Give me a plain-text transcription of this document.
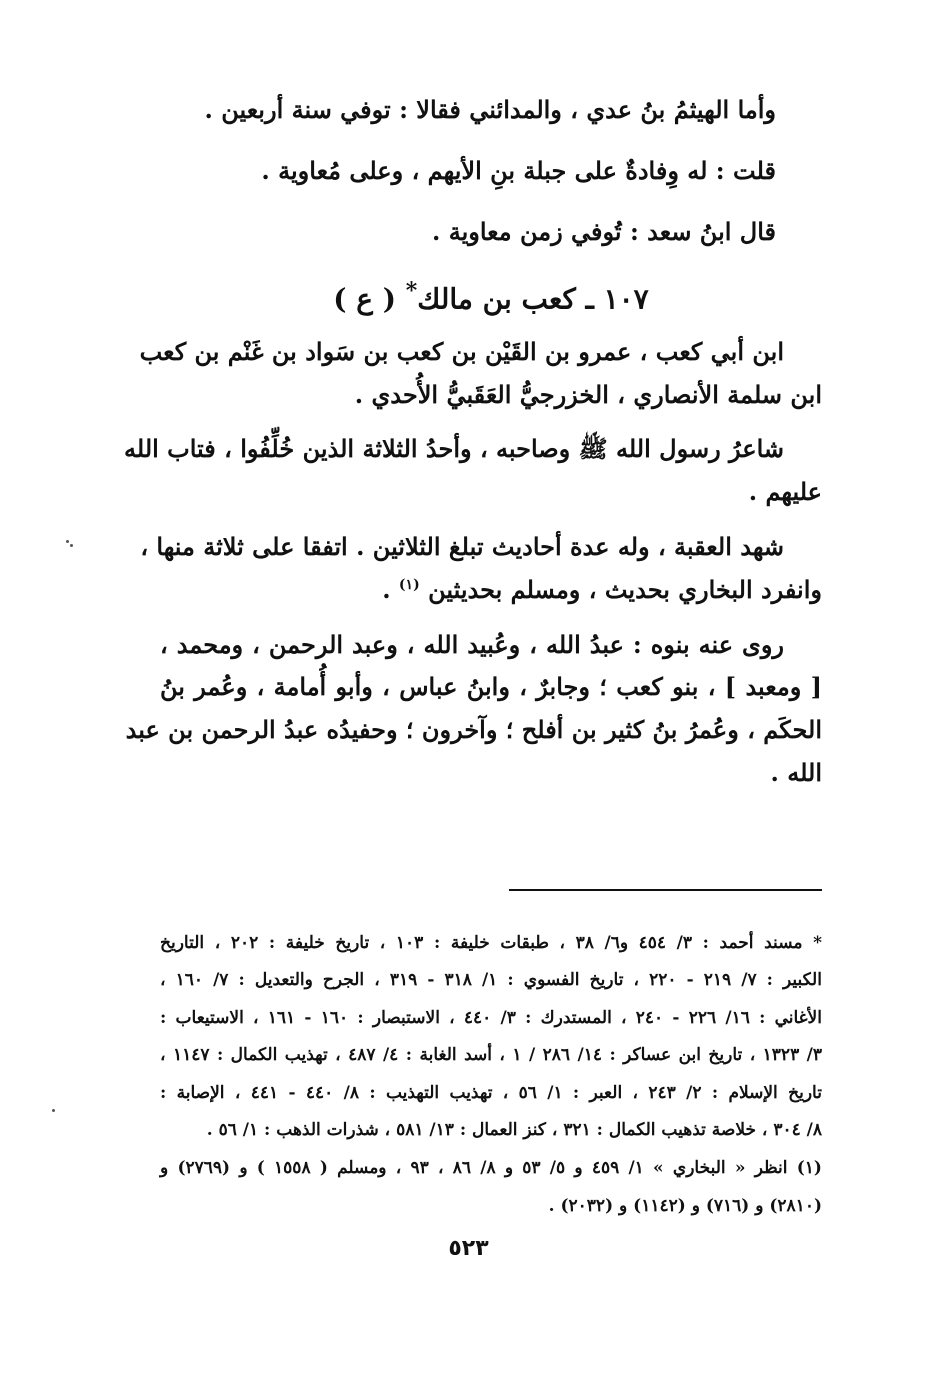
وأما الهيثمُ بنُ عدي ، والمدائني فقالا : توفي سنة أربعين .

قلت : له وِفادةٌ على جبلة بنِ الأيهم ، وعلى مُعاوية .

قال ابنُ سعد : تُوفي زمن معاوية .

١٠٧ ـ كعب بن مالك* ( ع )

ابن أبي كعب ، عمرو بن القَيْن بن كعب بن سَواد بن غَنْم بن كعب

ابن سلمة الأنصاري ، الخزرجيُّ العَقَبيُّ الأُحدي .

شاعرُ رسول الله ﷺ وصاحبه ، وأحدُ الثلاثة الذين خُلِّفُوا ، فتاب الله

عليهم .

شهد العقبة ، وله عدة أحاديث تبلغ الثلاثين . اتفقا على ثلاثة منها ،

وانفرد البخاري بحديث ، ومسلم بحديثين $^{(١)}$ .

روى عنه بنوه : عبدُ الله ، وعُبيد الله ، وعبد الرحمن ، ومحمد ،

[ ومعبد ] ، بنو كعب ؛ وجابرٌ ، وابنُ عباس ، وأبو أُمامة ، وعُمر بنُ

الحكَم ، وعُمرُ بنُ كثير بن أفلح ؛ وآخرون ؛ وحفيدُه عبدُ الرحمن بن عبد

الله .

* مسند أحمد : ٣/ ٤٥٤ و٦/ ٣٨ ، طبقات خليفة : ١٠٣ ، تاريخ خليفة : ٢٠٢ ، التاريخ

الكبير : ٧/ ٢١٩ - ٢٢٠ ، تاريخ الفسوي : ١/ ٣١٨ - ٣١٩ ، الجرح والتعديل : ٧/ ١٦٠ ،

الأغاني : ١٦/ ٢٢٦ - ٢٤٠ ، المستدرك : ٣/ ٤٤٠ ، الاستبصار : ١٦٠ - ١٦١ ، الاستيعاب :

٣/ ١٣٢٣ ، تاريخ ابن عساكر : ١٤/ ٢٨٦ / ١ ، أسد الغابة : ٤/ ٤٨٧ ، تهذيب الكمال : ١١٤٧ ،

تاريخ الإسلام : ٢/ ٢٤٣ ، العبر : ١/ ٥٦ ، تهذيب التهذيب : ٨/ ٤٤٠ - ٤٤١ ، الإصابة :

٨/ ٣٠٤ ، خلاصة تذهيب الكمال : ٣٢١ ، كنز العمال : ١٣/ ٥٨١ ، شذرات الذهب : ١/ ٥٦ .

(١) انظر « البخاري » ١/ ٤٥٩ و ٥/ ٥٣ و ٨/ ٨٦ ، ٩٣ ، ومسلم ( ١٥٥٨ ) و (٢٧٦٩) و

(٢٨١٠) و (٧١٦) و (١١٤٢) و (٢٠٣٢) .

٥٢٣
